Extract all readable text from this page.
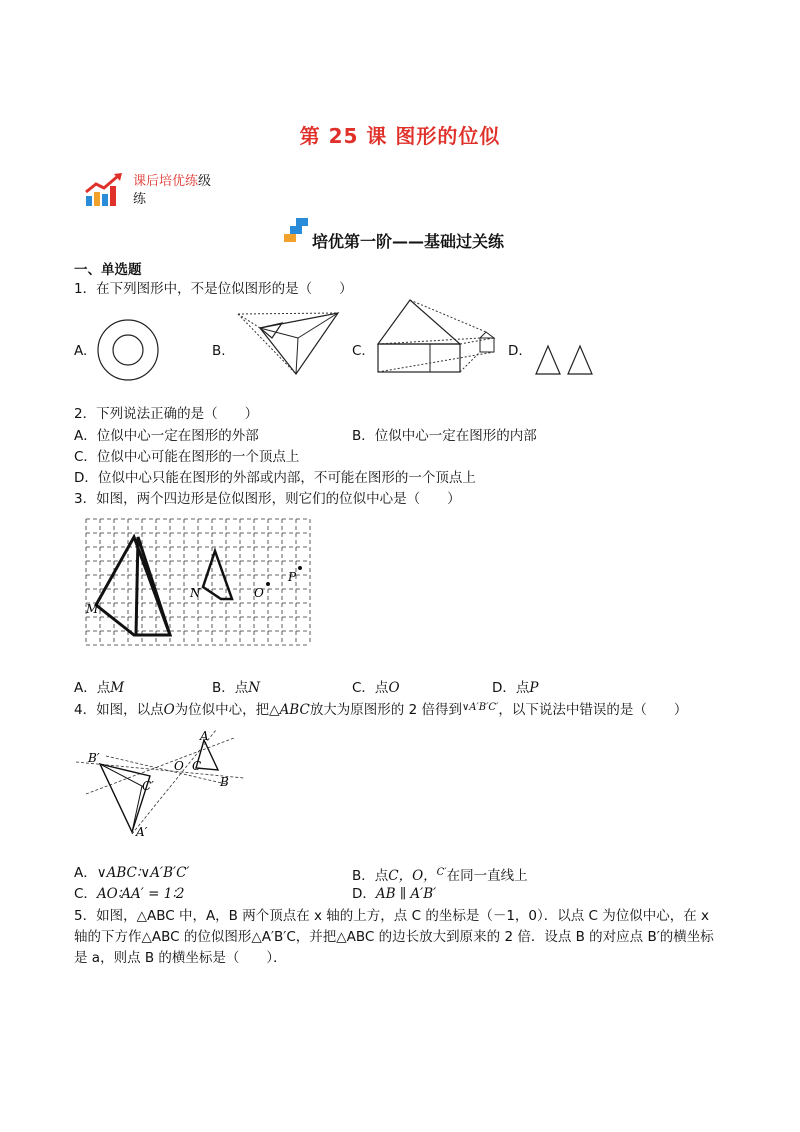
第 25 课 图形的位似
课后培优练级
练
培优第一阶——基础过关练
一、单选题
1．在下列图形中，不是位似图形的是（　　）
A.	B.	C.	D.
2．下列说法正确的是（　　）
A．位似中心一定在图形的外部	B．位似中心一定在图形的内部
C．位似中心可能在图形的一个顶点上
D．位似中心只能在图形的外部或内部，不可能在图形的一个顶点上
3．如图，两个四边形是位似图形，则它们的位似中心是（　　）
M
N	O
P
A．点M	B．点N	C．点O	D．点P
4．如图，以点O为位似中心，把△ABC放大为原图形的 2 倍得到$^{\vee A'B'C'}$，以下说法中错误的是（　　）
B′
O
A
C
B
C′
A′
A．∨ABC∶∨A′B′C′	B．点C，O，$^{C'}$在同一直线上
C．AO∶AA′ = 1∶2	D．AB ∥ A′B′
5．如图，△ABC 中，A，B 两个顶点在 x 轴的上方，点 C 的坐标是（－1，0）．以点 C 为位似中心，在 x
轴的下方作△ABC 的位似图形△A′B′C，并把△ABC 的边长放大到原来的 2 倍．设点 B 的对应点 B′的横坐标
是 a，则点 B 的横坐标是（　　）．
